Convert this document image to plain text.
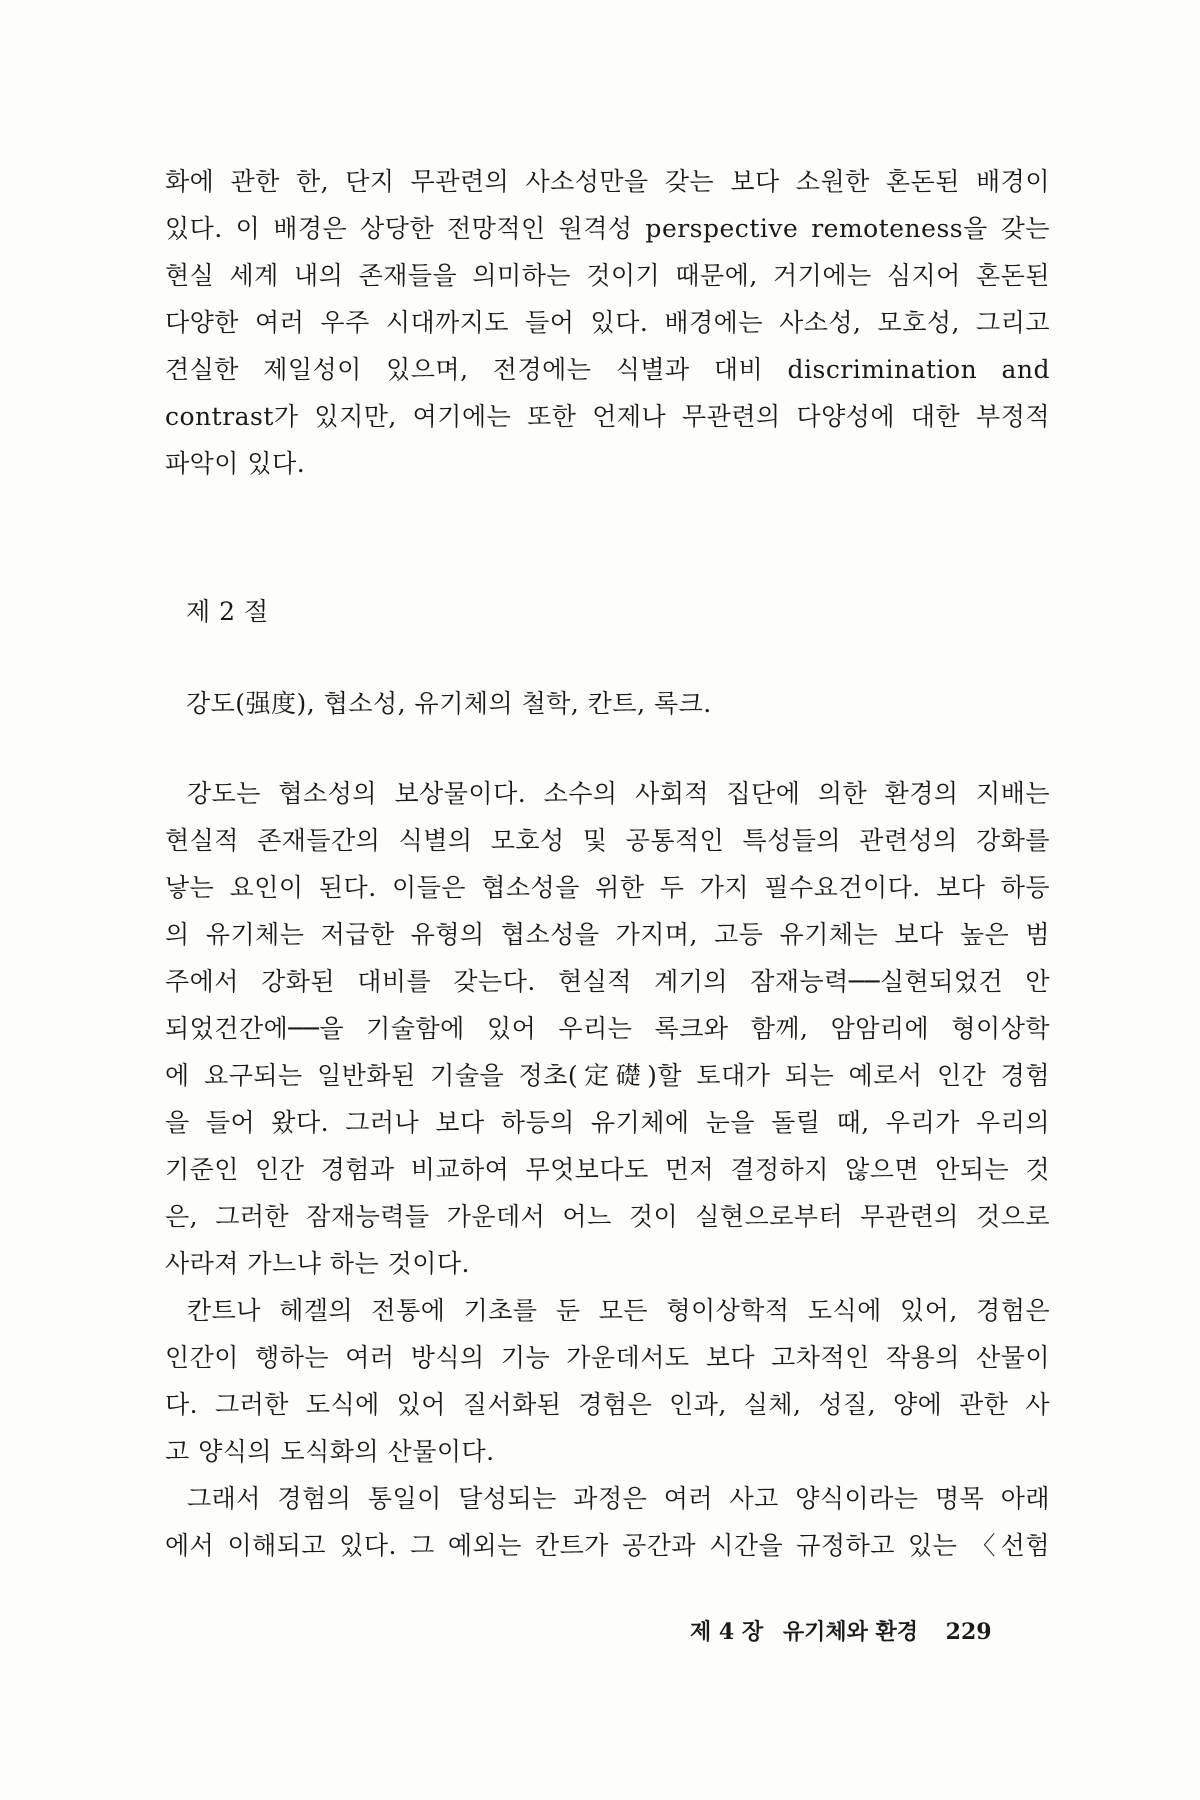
화에 관한 한, 단지 무관련의 사소성만을 갖는 보다 소원한 혼돈된 배경이
있다. 이 배경은 상당한 전망적인 원격성 perspective remoteness을 갖는
현실 세계 내의 존재들을 의미하는 것이기 때문에, 거기에는 심지어 혼돈된
다양한 여러 우주 시대까지도 들어 있다. 배경에는 사소성, 모호성, 그리고
견실한 제일성이 있으며, 전경에는 식별과 대비 discrimination and
contrast가 있지만, 여기에는 또한 언제나 무관련의 다양성에 대한 부정적
파악이 있다.
제 2 절
강도(强度), 협소성, 유기체의 철학, 칸트, 록크.
강도는 협소성의 보상물이다. 소수의 사회적 집단에 의한 환경의 지배는
현실적 존재들간의 식별의 모호성 및 공통적인 특성들의 관련성의 강화를
낳는 요인이 된다. 이들은 협소성을 위한 두 가지 필수요건이다. 보다 하등
의 유기체는 저급한 유형의 협소성을 가지며, 고등 유기체는 보다 높은 범
주에서 강화된 대비를 갖는다. 현실적 계기의 잠재능력──실현되었건 안
되었건간에──을 기술함에 있어 우리는 록크와 함께, 암암리에 형이상학
에 요구되는 일반화된 기술을 정초(定礎)할 토대가 되는 예로서 인간 경험
을 들어 왔다. 그러나 보다 하등의 유기체에 눈을 돌릴 때, 우리가 우리의
기준인 인간 경험과 비교하여 무엇보다도 먼저 결정하지 않으면 안되는 것
은, 그러한 잠재능력들 가운데서 어느 것이 실현으로부터 무관련의 것으로
사라져 가느냐 하는 것이다.
칸트나 헤겔의 전통에 기초를 둔 모든 형이상학적 도식에 있어, 경험은
인간이 행하는 여러 방식의 기능 가운데서도 보다 고차적인 작용의 산물이
다. 그러한 도식에 있어 질서화된 경험은 인과, 실체, 성질, 양에 관한 사
고 양식의 도식화의 산물이다.
그래서 경험의 통일이 달성되는 과정은 여러 사고 양식이라는 명목 아래
에서 이해되고 있다. 그 예외는 칸트가 공간과 시간을 규정하고 있는 〈선험
제 4 장 유기체와 환경 229
